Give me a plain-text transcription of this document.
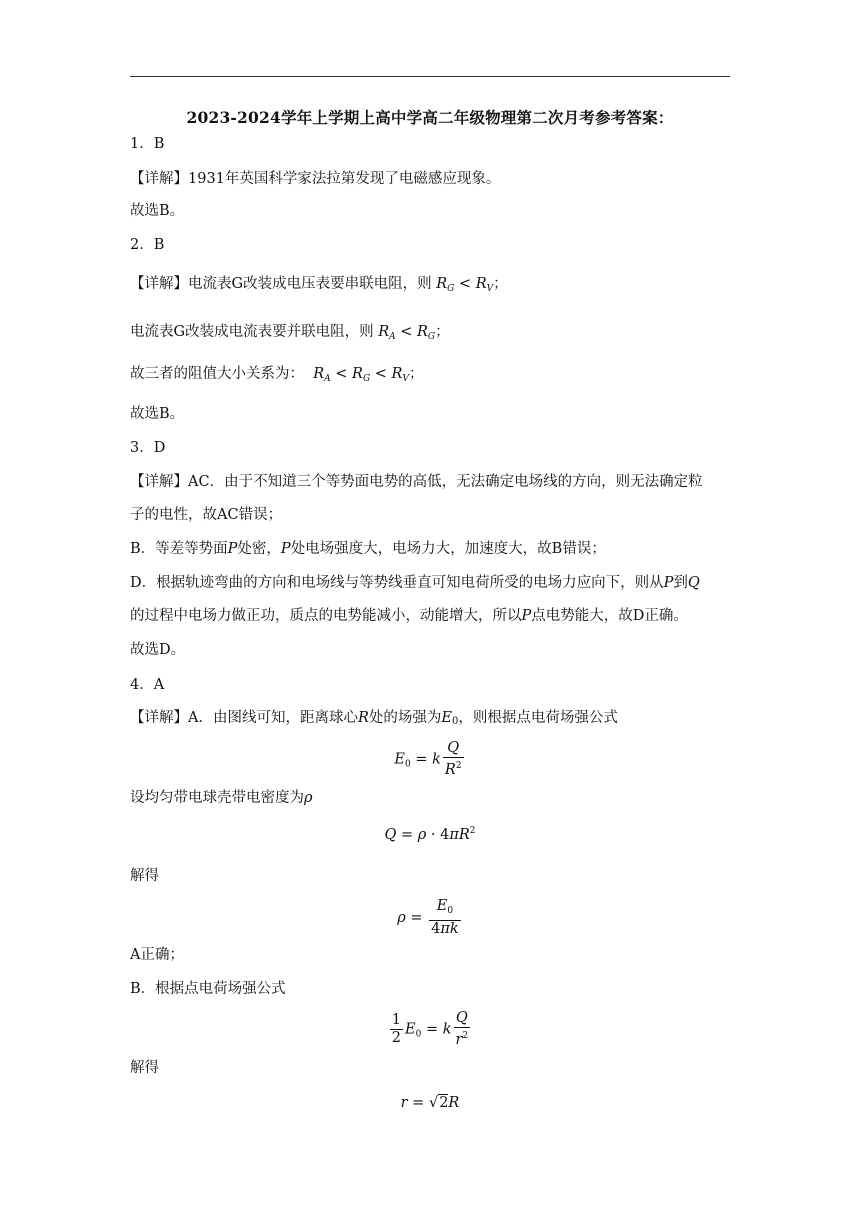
2023-2024学年上学期上高中学高二年级物理第二次月考参考答案：
1．B
【详解】1931年英国科学家法拉第发现了电磁感应现象。
故选B。
2．B
【详解】电流表G改装成电压表要串联电阻，则 $R_G < R_V$；
电流表G改装成电流表要并联电阻，则 $R_A < R_G$；
故三者的阻值大小关系为： $R_A < R_G < R_V$；
故选B。
3．D
【详解】AC．由于不知道三个等势面电势的高低，无法确定电场线的方向，则无法确定粒
子的电性，故AC错误；
B．等差等势面P处密，P处电场强度大，电场力大，加速度大，故B错误；
D．根据轨迹弯曲的方向和电场线与等势线垂直可知电荷所受的电场力应向下，则从P到Q
的过程中电场力做正功，质点的电势能减小，动能增大，所以P点电势能大，故D正确。
故选D。
4．A
【详解】A．由图线可知，距离球心R处的场强为$E_0$，则根据点电荷场强公式
$E_0 = k \frac{Q}{R^2}$
设均匀带电球壳带电密度为ρ
$Q = \rho \cdot 4\pi R^2$
解得
$\rho = \frac{E_0}{4\pi k}$
A正确；
B．根据点电荷场强公式
$\frac{1}{2} E_0 = k \frac{Q}{r^2}$
解得
r = √2R
